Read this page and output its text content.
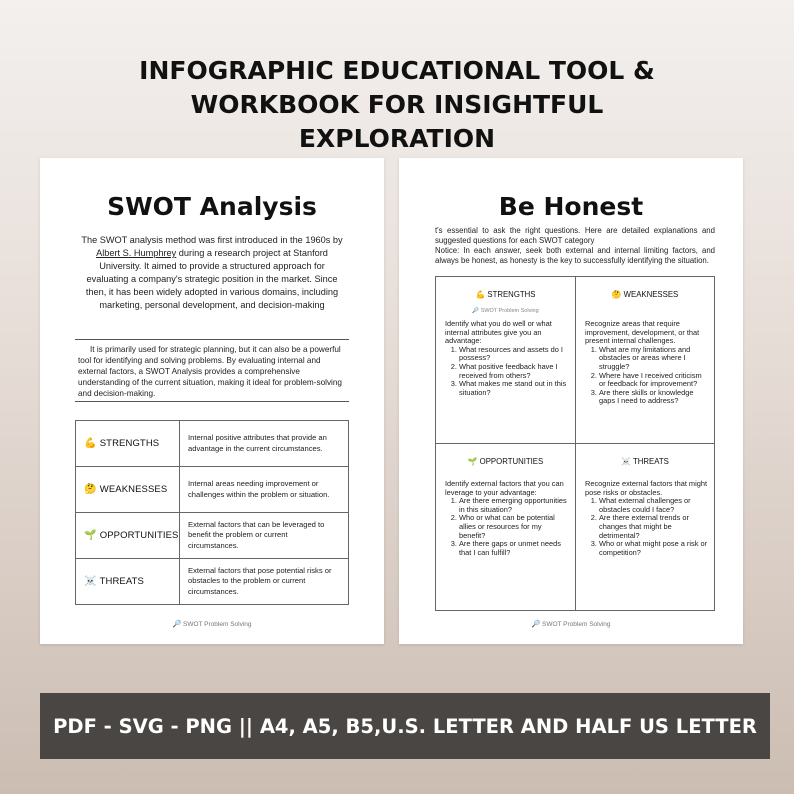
INFOGRAPHIC EDUCATIONAL TOOL &
WORKBOOK FOR INSIGHTFUL
EXPLORATION
SWOT Analysis
The SWOT analysis method was first introduced in the 1960s by Albert S. Humphrey during a research project at Stanford University. It aimed to provide a structured approach for evaluating a company's strategic position in the market. Since then, it has been widely adopted in various domains, including marketing, personal development, and decision-making
It is primarily used for strategic planning, but it can also be a powerful tool for identifying and solving problems. By evaluating internal and external factors, a SWOT Analysis provides a comprehensive understanding of the current situation, making it ideal for problem-solving and decision-making.
💪 STRENGTHS	Internal positive attributes that provide an advantage in the current circumstances.
🤔 WEAKNESSES	Internal areas needing improvement or challenges within the problem or situation.
🌱 OPPORTUNITIES	External factors that can be leveraged to benefit the problem or current circumstances.
☠️ THREATS	External factors that pose potential risks or obstacles to the problem or current circumstances.
🔎 SWOT Problem Solving
Be Honest
t's essential to ask the right questions. Here are detailed explanations and suggested questions for each SWOT category
Notice: In each answer, seek both external and internal limiting factors, and always be honest, as honesty is the key to successfully identifying the situation.
💪 STRENGTHS
🔎 SWOT Problem Solving
Identify what you do well or what internal attributes give you an advantage:
1. What resources and assets do I possess?
2. What positive feedback have I received from others?
3. What makes me stand out in this situation?
🤔 WEAKNESSES
Recognize areas that require improvement, development, or that present internal challenges.
1. What are my limitations and obstacles or areas where I struggle?
2. Where have I received criticism or feedback for improvement?
3. Are there skills or knowledge gaps I need to address?
🌱 OPPORTUNITIES
Identify external factors that you can leverage to your advantage:
1. Are there emerging opportunities in this situation?
2. Who or what can be potential allies or resources for my benefit?
3. Are there gaps or unmet needs that I can fulfill?
☠️ THREATS
Recognize external factors that might pose risks or obstacles.
1. What external challenges or obstacles could I face?
2. Are there external trends or changes that might be detrimental?
3. Who or what might pose a risk or competition?
🔎 SWOT Problem Solving
PDF - SVG - PNG || A4, A5, B5,U.S. LETTER AND HALF US LETTER
